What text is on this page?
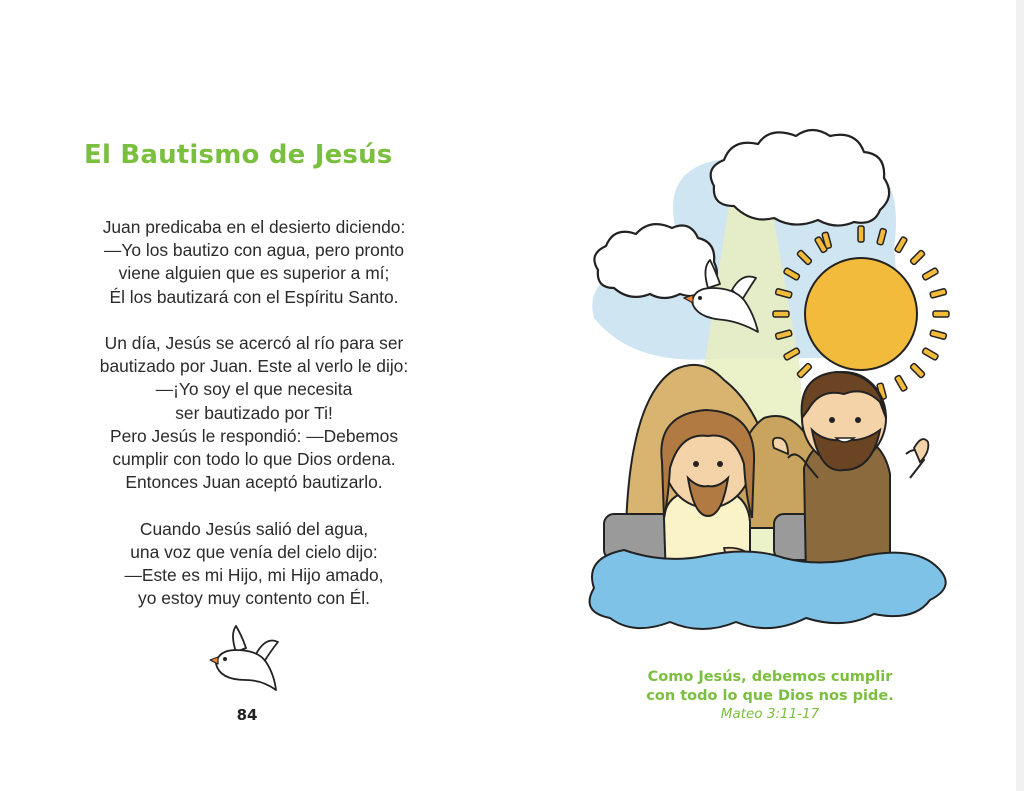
El Bautismo de Jesús

Juan predicaba en el desierto diciendo:
—Yo los bautizo con agua, pero pronto
viene alguien que es superior a mí;
Él los bautizará con el Espíritu Santo.

Un día, Jesús se acercó al río para ser
bautizado por Juan. Este al verlo le dijo:
—¡Yo soy el que necesita
ser bautizado por Ti!
Pero Jesús le respondió: —Debemos
cumplir con todo lo que Dios ordena.
Entonces Juan aceptó bautizarlo.

Cuando Jesús salió del agua,
una voz que venía del cielo dijo:
—Este es mi Hijo, mi Hijo amado,
yo estoy muy contento con Él.

84
Como Jesús, debemos cumplir
con todo lo que Dios nos pide.
Mateo 3:11-17
